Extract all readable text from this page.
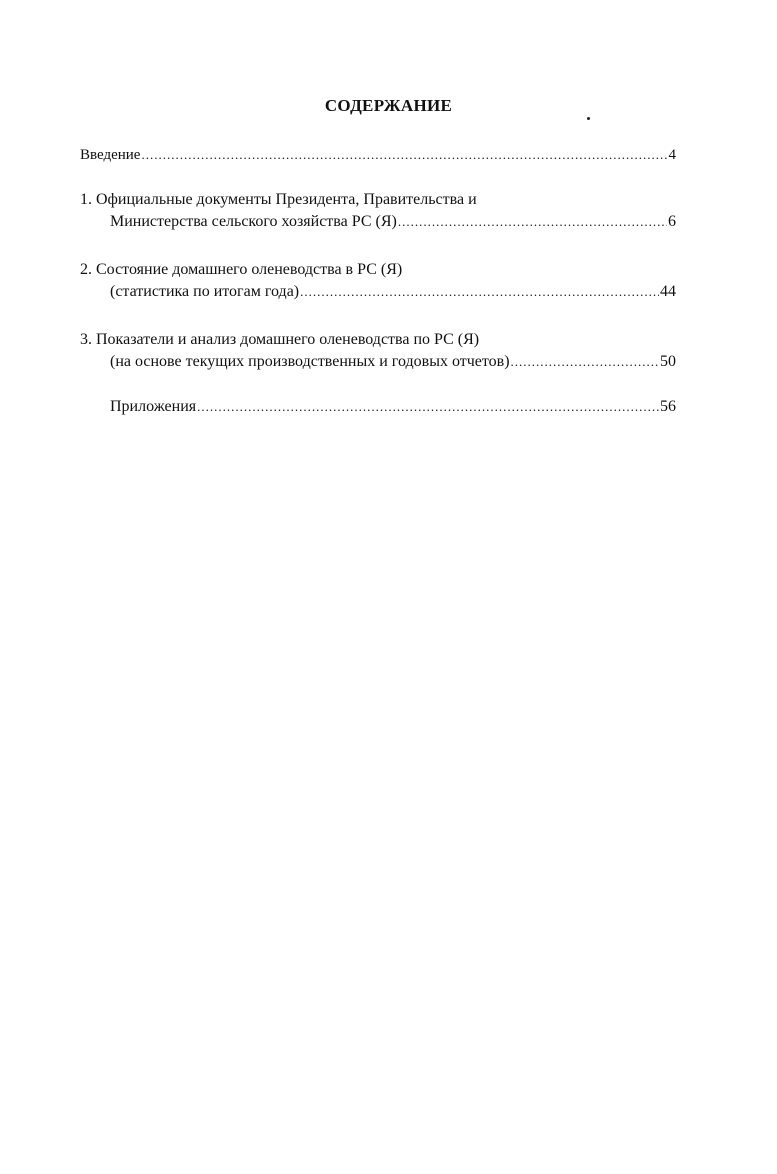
СОДЕРЖАНИЕ
Введение .....	4
1. Официальные документы Президента, Правительства и
Министерства сельского хозяйства РС (Я) .....	6
2. Состояние домашнего оленеводства в РС (Я)
(статистика по итогам года) .....	44
3. Показатели и анализ домашнего оленеводства по РС (Я)
(на основе текущих производственных и годовых отчетов) .....	50
Приложения .....	56
